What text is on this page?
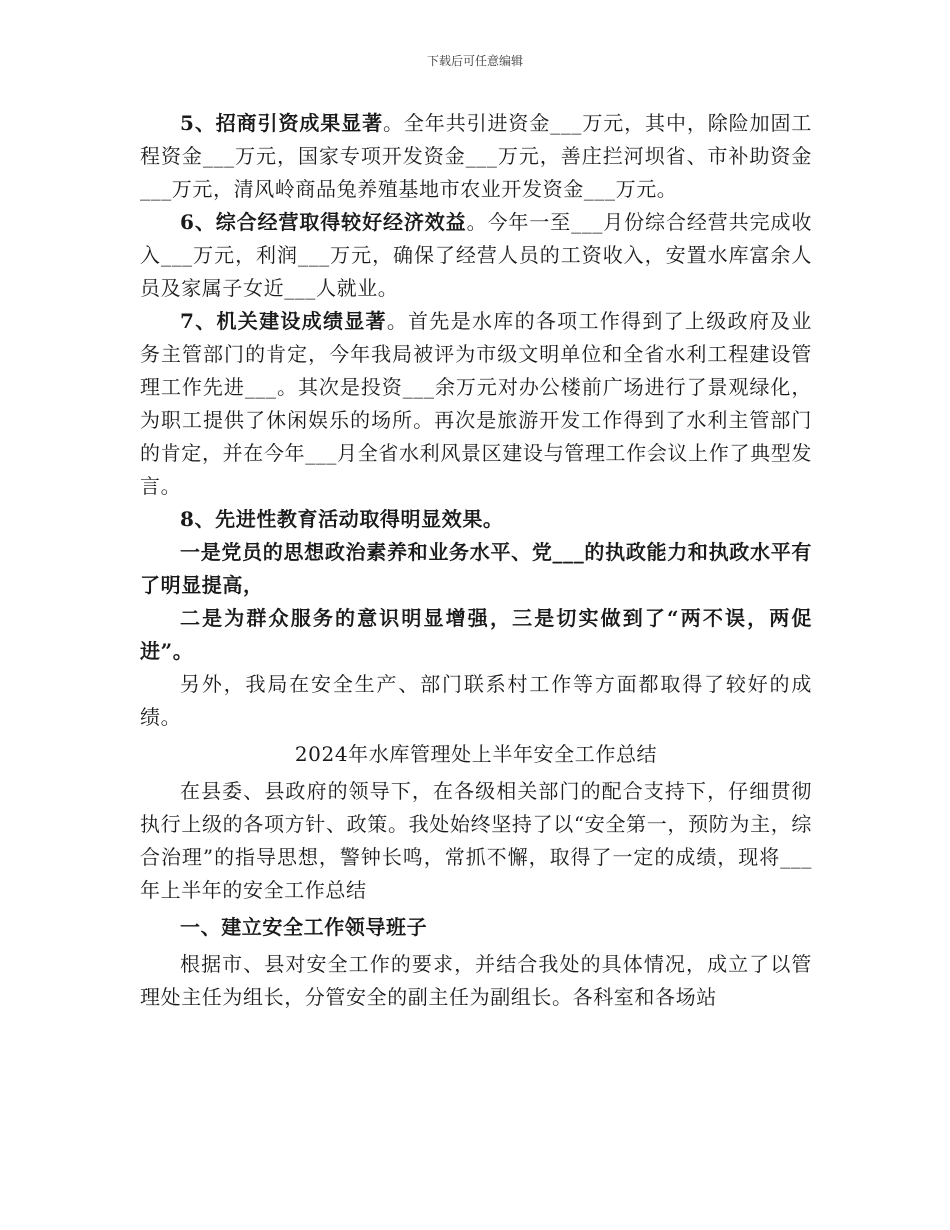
下载后可任意编辑

5、招商引资成果显著。全年共引进资金___万元，其中，除险加固工程资金___万元，国家专项开发资金___万元，善庄拦河坝省、市补助资金___万元，清风岭商品兔养殖基地市农业开发资金___万元。

6、综合经营取得较好经济效益。今年一至___月份综合经营共完成收入___万元，利润___万元，确保了经营人员的工资收入，安置水库富余人员及家属子女近___人就业。

7、机关建设成绩显著。首先是水库的各项工作得到了上级政府及业务主管部门的肯定，今年我局被评为市级文明单位和全省水利工程建设管理工作先进___。其次是投资___余万元对办公楼前广场进行了景观绿化，为职工提供了休闲娱乐的场所。再次是旅游开发工作得到了水利主管部门的肯定，并在今年___月全省水利风景区建设与管理工作会议上作了典型发言。

8、先进性教育活动取得明显效果。

一是党员的思想政治素养和业务水平、党___的执政能力和执政水平有了明显提高，

二是为群众服务的意识明显增强，三是切实做到了“两不误，两促进”。

另外，我局在安全生产、部门联系村工作等方面都取得了较好的成绩。

2024年水库管理处上半年安全工作总结

在县委、县政府的领导下，在各级相关部门的配合支持下，仔细贯彻执行上级的各项方针、政策。我处始终坚持了以“安全第一，预防为主，综合治理”的指导思想，警钟长鸣，常抓不懈，取得了一定的成绩，现将___年上半年的安全工作总结

一、建立安全工作领导班子

根据市、县对安全工作的要求，并结合我处的具体情况，成立了以管理处主任为组长，分管安全的副主任为副组长。各科室和各场站
